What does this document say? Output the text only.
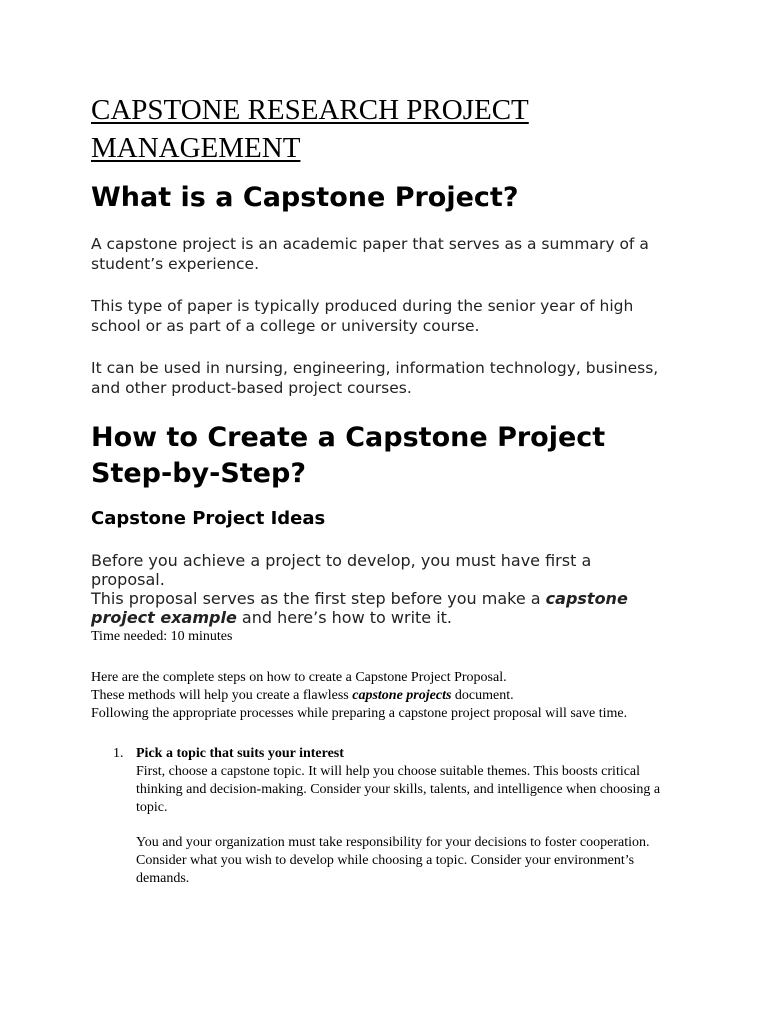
CAPSTONE RESEARCH PROJECT MANAGEMENT
What is a Capstone Project?

A capstone project is an academic paper that serves as a summary of a student’s experience.

This type of paper is typically produced during the senior year of high school or as part of a college or university course.

It can be used in nursing, engineering, information technology, business, and other product-based project courses.

How to Create a Capstone Project Step-by-Step?
Capstone Project Ideas

Before you achieve a project to develop, you must have first a proposal.

This proposal serves as the first step before you make a capstone project example and here’s how to write it.

Time needed: 10 minutes

Here are the complete steps on how to create a Capstone Project Proposal.

These methods will help you create a flawless capstone projects document.

Following the appropriate processes while preparing a capstone project proposal will save time.

1. Pick a topic that suits your interest

First, choose a capstone topic. It will help you choose suitable themes. This boosts critical thinking and decision-making. Consider your skills, talents, and intelligence when choosing a topic.

You and your organization must take responsibility for your decisions to foster cooperation. Consider what you wish to develop while choosing a topic. Consider your environment’s demands.
